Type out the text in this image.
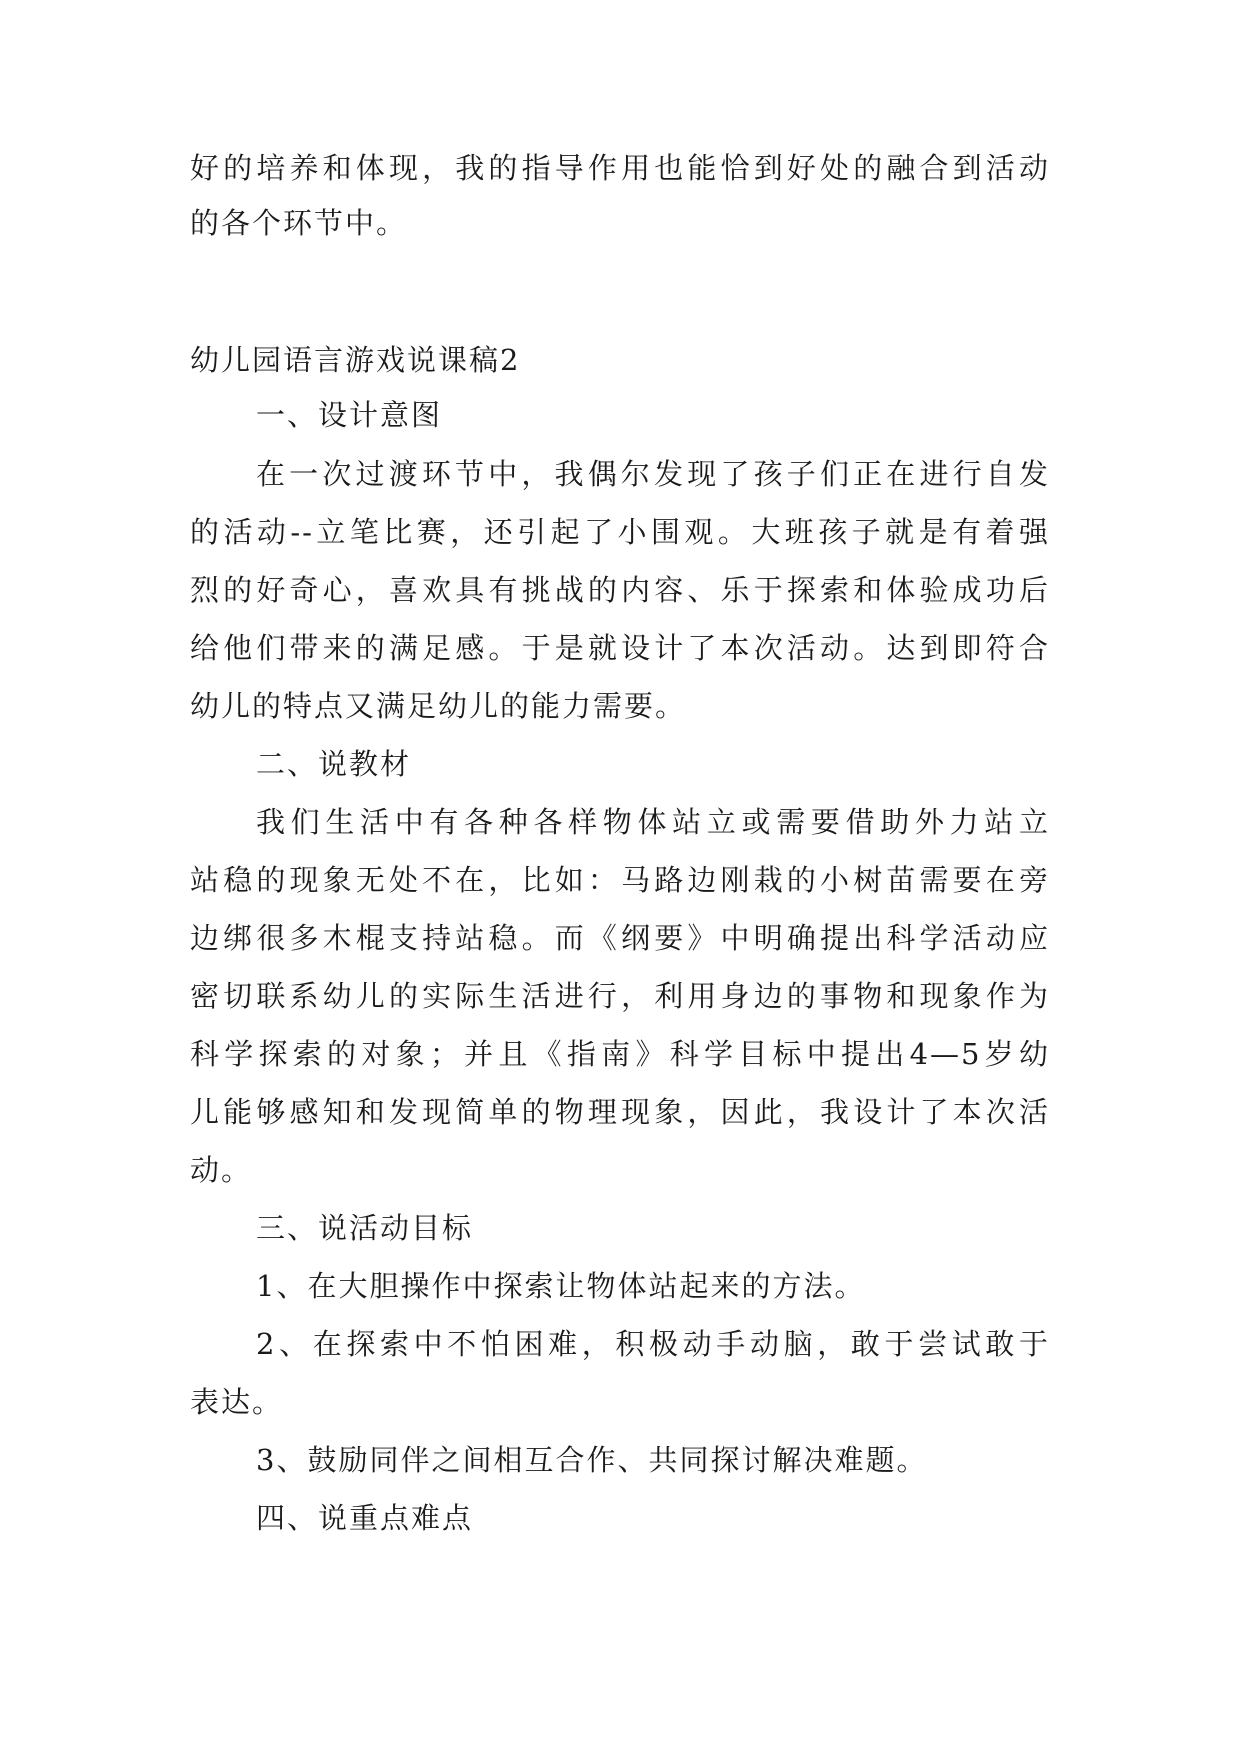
好的培养和体现，我的指导作用也能恰到好处的融合到活动
的各个环节中。
幼儿园语言游戏说课稿2
一、设计意图
在一次过渡环节中，我偶尔发现了孩子们正在进行自发
的活动--立笔比赛，还引起了小围观。大班孩子就是有着强
烈的好奇心，喜欢具有挑战的内容、乐于探索和体验成功后
给他们带来的满足感。于是就设计了本次活动。达到即符合
幼儿的特点又满足幼儿的能力需要。
二、说教材
我们生活中有各种各样物体站立或需要借助外力站立
站稳的现象无处不在，比如：马路边刚栽的小树苗需要在旁
边绑很多木棍支持站稳。而《纲要》中明确提出科学活动应
密切联系幼儿的实际生活进行，利用身边的事物和现象作为
科学探索的对象；并且《指南》科学目标中提出4—5岁幼
儿能够感知和发现简单的物理现象，因此，我设计了本次活
动。
三、说活动目标
1、在大胆操作中探索让物体站起来的方法。
2、在探索中不怕困难，积极动手动脑，敢于尝试敢于
表达。
3、鼓励同伴之间相互合作、共同探讨解决难题。
四、说重点难点
